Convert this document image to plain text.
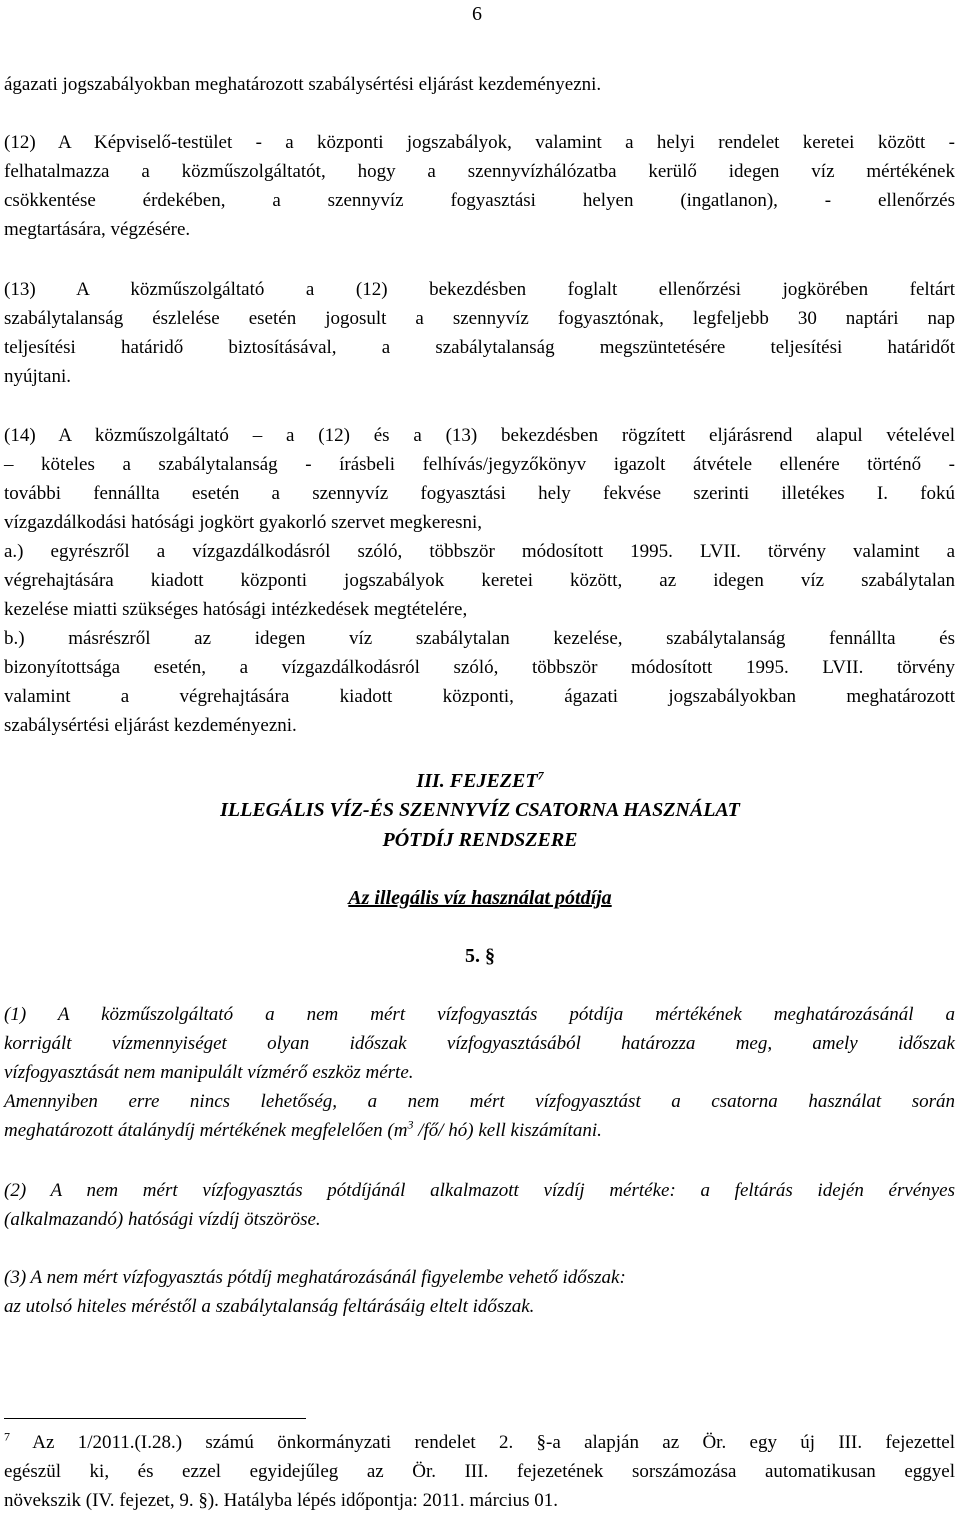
6
ágazati jogszabályokban meghatározott szabálysértési eljárást kezdeményezni.
(12) A Képviselő-testület - a központi jogszabályok, valamint a helyi rendelet keretei között -
felhatalmazza a közműszolgáltatót, hogy a szennyvízhálózatba kerülő idegen víz mértékének
csökkentése érdekében, a szennyvíz fogyasztási helyen (ingatlanon), - ellenőrzés
megtartására, végzésére.
(13) A közműszolgáltató a (12) bekezdésben foglalt ellenőrzési jogkörében feltárt
szabálytalanság észlelése esetén jogosult a szennyvíz fogyasztónak, legfeljebb 30 naptári nap
teljesítési határidő biztosításával, a szabálytalanság megszüntetésére teljesítési határidőt
nyújtani.
(14) A közműszolgáltató – a (12) és a (13) bekezdésben rögzített eljárásrend alapul vételével
– köteles a szabálytalanság - írásbeli felhívás/jegyzőkönyv igazolt átvétele ellenére történő -
további fennállta esetén a szennyvíz fogyasztási hely fekvése szerinti illetékes I. fokú
vízgazdálkodási hatósági jogkört gyakorló szervet megkeresni,
a.) egyrészről a vízgazdálkodásról szóló, többször módosított 1995. LVII. törvény valamint a
végrehajtására kiadott központi jogszabályok keretei között, az idegen víz szabálytalan
kezelése miatti szükséges hatósági intézkedések megtételére,
b.) másrészről az idegen víz szabálytalan kezelése, szabálytalanság fennállta és
bizonyítottsága esetén, a vízgazdálkodásról szóló, többször módosított 1995. LVII. törvény
valamint a végrehajtására kiadott központi, ágazati jogszabályokban meghatározott
szabálysértési eljárást kezdeményezni.
III. FEJEZET$^7$
ILLEGÁLIS VÍZ-ÉS SZENNYVÍZ CSATORNA HASZNÁLAT
PÓTDÍJ RENDSZERE
Az illegális víz használat pótdíja
5. §
(1) A közműszolgáltató a nem mért vízfogyasztás pótdíja mértékének meghatározásánál a
korrigált vízmennyiséget olyan időszak vízfogyasztásából határozza meg, amely időszak
vízfogyasztását nem manipulált vízmérő eszköz mérte.
Amennyiben erre nincs lehetőség, a nem mért vízfogyasztást a csatorna használat során
meghatározott átalánydíj mértékének megfelelően ($m^3$ /fő/ hó) kell kiszámítani.
(2) A nem mért vízfogyasztás pótdíjánál alkalmazott vízdíj mértéke: a feltárás idején érvényes
(alkalmazandó) hatósági vízdíj ötszöröse.
(3) A nem mért vízfogyasztás pótdíj meghatározásánál figyelembe vehető időszak:
az utolsó hiteles méréstől a szabálytalanság feltárásáig eltelt időszak.
$^7$ Az 1/2011.(I.28.) számú önkormányzati rendelet 2. §-a alapján az Ör. egy új III. fejezettel
egészül ki, és ezzel egyidejűleg az Ör. III. fejezetének sorszámozása automatikusan eggyel
növekszik (IV. fejezet, 9. §). Hatályba lépés időpontja: 2011. március 01.
